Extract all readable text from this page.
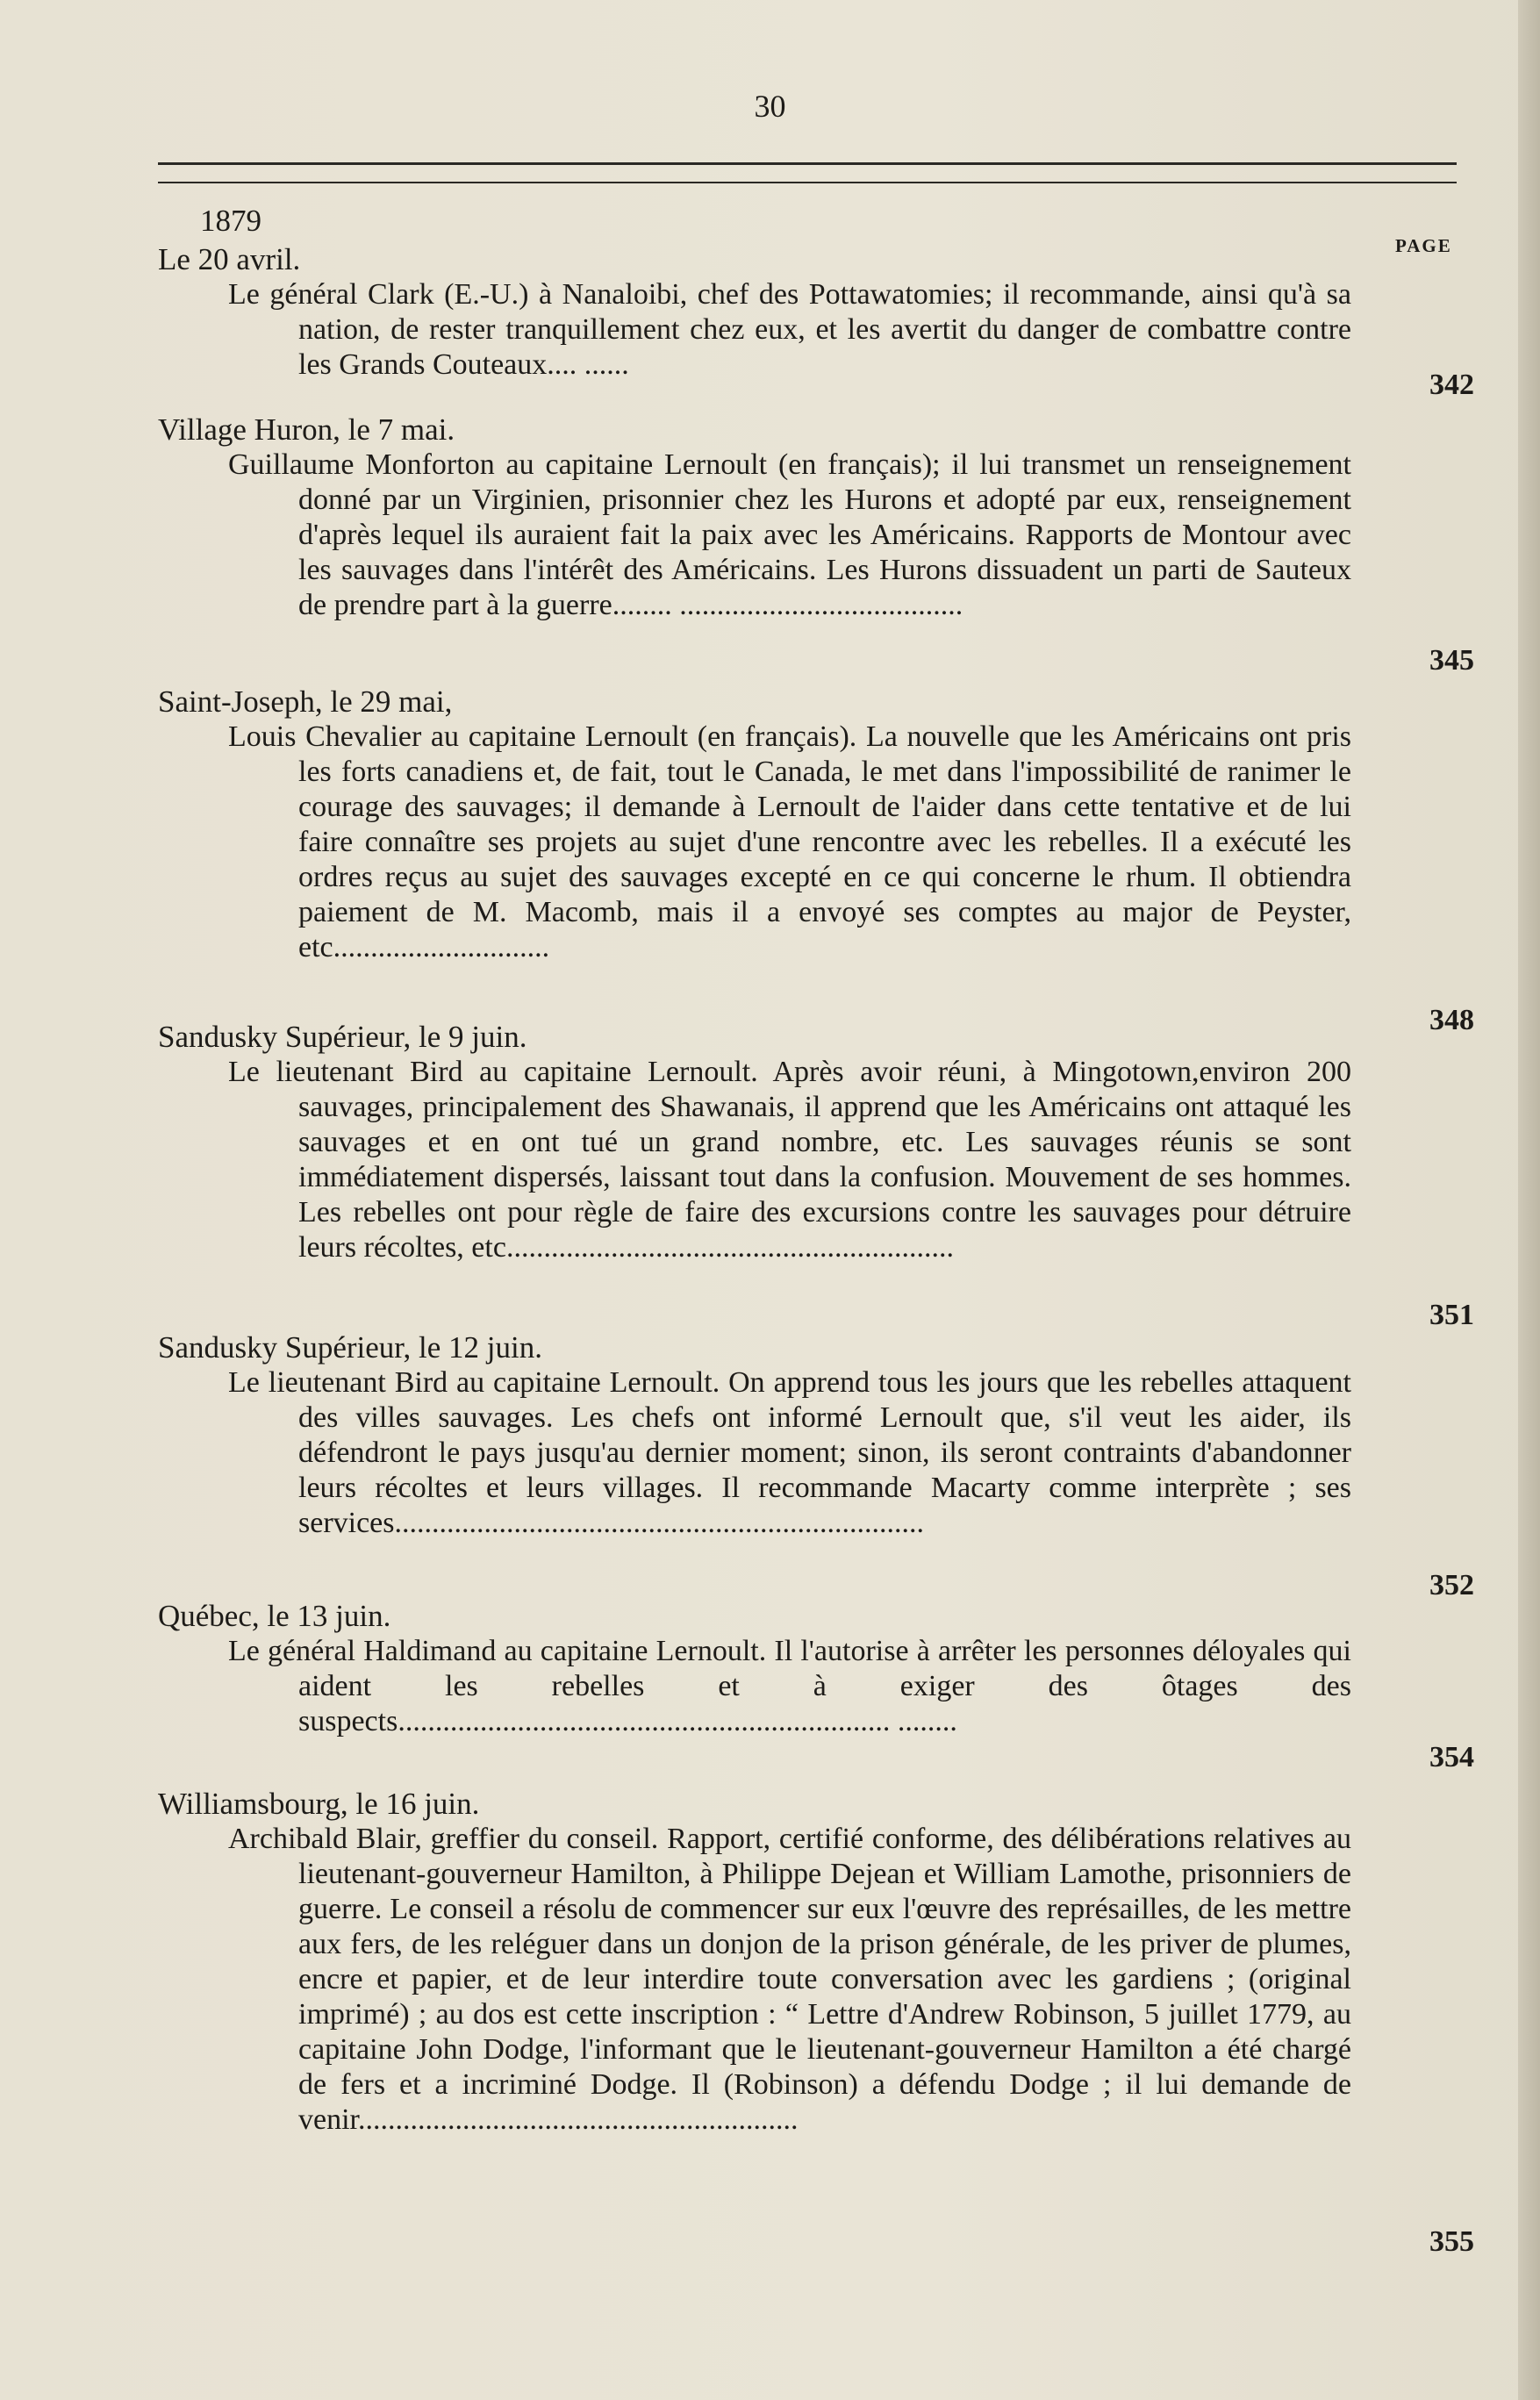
30
1879
PAGE
Le 20 avril.

Le général Clark (E.-U.) à Nanaloibi, chef des Pottawatomies; il recommande, ainsi qu'à sa nation, de rester tranquillement chez eux, et les avertit du danger de combattre contre les Grands Couteaux.... ......

342
Village Huron, le 7 mai.

Guillaume Monforton au capitaine Lernoult (en français); il lui transmet un renseignement donné par un Virginien, prisonnier chez les Hurons et adopté par eux, renseignement d'après lequel ils auraient fait la paix avec les Américains. Rapports de Montour avec les sauvages dans l'intérêt des Américains. Les Hurons dissuadent un parti de Sauteux de prendre part à la guerre........ ......................................

345
Saint-Joseph, le 29 mai,

Louis Chevalier au capitaine Lernoult (en français). La nouvelle que les Américains ont pris les forts canadiens et, de fait, tout le Canada, le met dans l'impossibilité de ranimer le courage des sauvages; il demande à Lernoult de l'aider dans cette tentative et de lui faire connaître ses projets au sujet d'une rencontre avec les rebelles. Il a exécuté les ordres reçus au sujet des sauvages excepté en ce qui concerne le rhum. Il obtiendra paiement de M. Macomb, mais il a envoyé ses comptes au major de Peyster, etc.............................

348
Sandusky Supérieur, le 9 juin.

Le lieutenant Bird au capitaine Lernoult. Après avoir réuni, à Mingotown,environ 200 sauvages, principalement des Shawanais, il apprend que les Américains ont attaqué les sauvages et en ont tué un grand nombre, etc. Les sauvages réunis se sont immédiatement dispersés, laissant tout dans la confusion. Mouvement de ses hommes. Les rebelles ont pour règle de faire des excursions contre les sauvages pour détruire leurs récoltes, etc............................................................

351
Sandusky Supérieur, le 12 juin.

Le lieutenant Bird au capitaine Lernoult. On apprend tous les jours que les rebelles attaquent des villes sauvages. Les chefs ont informé Lernoult que, s'il veut les aider, ils défendront le pays jusqu'au dernier moment; sinon, ils seront contraints d'abandonner leurs récoltes et leurs villages. Il recommande Macarty comme interprète ; ses services.......................................................................

352
Québec, le 13 juin.

Le général Haldimand au capitaine Lernoult. Il l'autorise à arrêter les personnes déloyales qui aident les rebelles et à exiger des ôtages des suspects.................................................................. ........

354
Williamsbourg, le 16 juin.

Archibald Blair, greffier du conseil. Rapport, certifié conforme, des délibérations relatives au lieutenant-gouverneur Hamilton, à Philippe Dejean et William Lamothe, prisonniers de guerre. Le conseil a résolu de commencer sur eux l'œuvre des représailles, de les mettre aux fers, de les reléguer dans un donjon de la prison générale, de les priver de plumes, encre et papier, et de leur interdire toute conversation avec les gardiens ; (original imprimé) ; au dos est cette inscription : “ Lettre d'Andrew Robinson, 5 juillet 1779, au capitaine John Dodge, l'informant que le lieutenant-gouverneur Hamilton a été chargé de fers et a incriminé Dodge. Il (Robinson) a défendu Dodge ; il lui demande de venir...........................................................

355
